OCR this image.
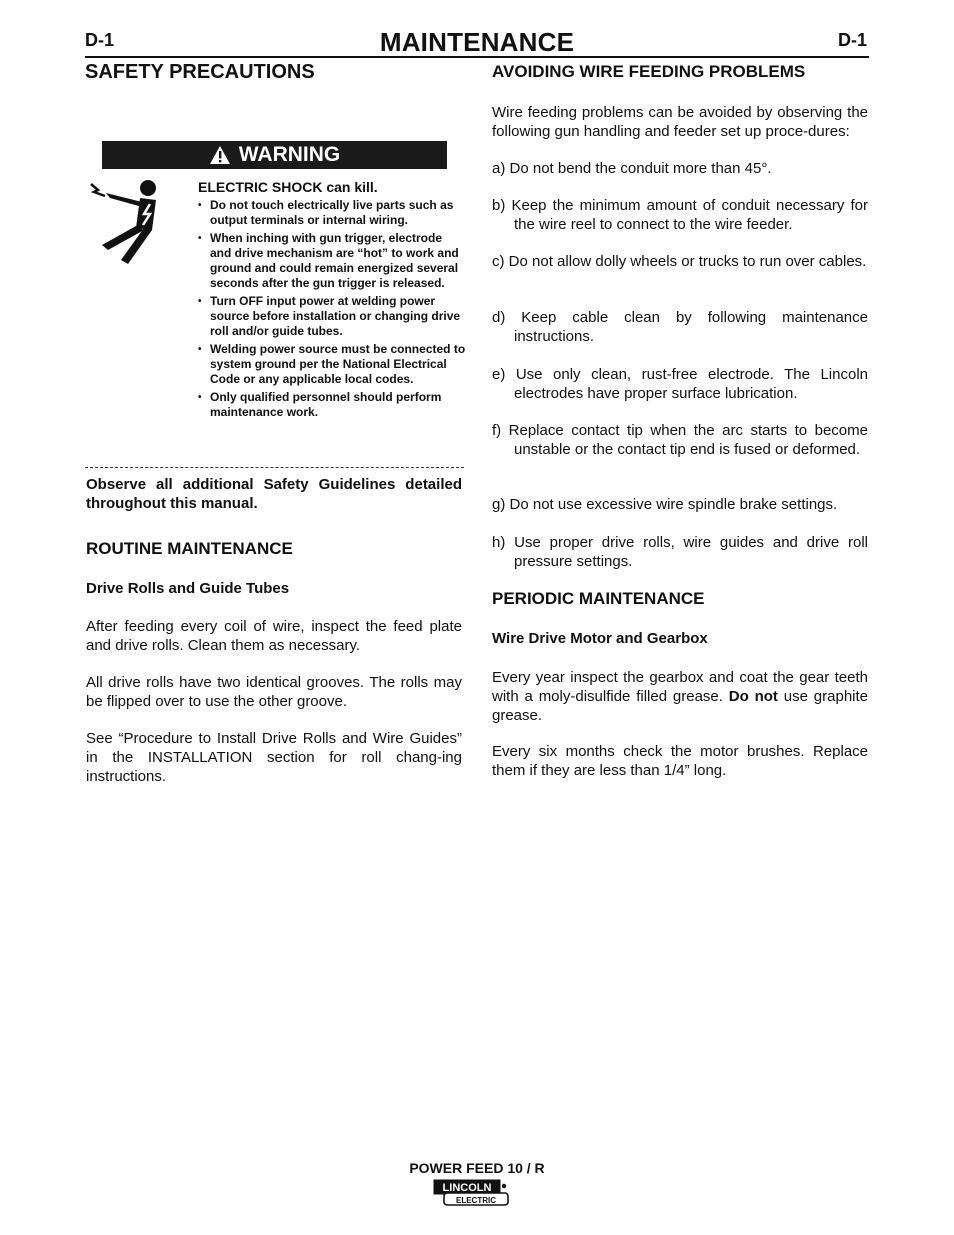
D-1	MAINTENANCE	D-1
SAFETY PRECAUTIONS
WARNING
ELECTRIC SHOCK can kill.
• Do not touch electrically live parts such as output terminals or internal wiring.
• When inching with gun trigger, electrode and drive mechanism are “hot” to work and ground and could remain energized several seconds after the gun trigger is released.
• Turn OFF input power at welding power source before installation or changing drive roll and/or guide tubes.
• Welding power source must be connected to system ground per the National Electrical Code or any applicable local codes.
• Only qualified personnel should perform maintenance work.
Observe all additional Safety Guidelines detailed throughout this manual.
ROUTINE MAINTENANCE
Drive Rolls and Guide Tubes
After feeding every coil of wire, inspect the feed plate and drive rolls. Clean them as necessary.
All drive rolls have two identical grooves. The rolls may be flipped over to use the other groove.
See “Procedure to Install Drive Rolls and Wire Guides” in the INSTALLATION section for roll chang-ing instructions.
AVOIDING WIRE FEEDING PROBLEMS
Wire feeding problems can be avoided by observing the following gun handling and feeder set up proce-dures:
a) Do not bend the conduit more than 45°.
b) Keep the minimum amount of conduit necessary for the wire reel to connect to the wire feeder.
c) Do not allow dolly wheels or trucks to run over cables.
d) Keep cable clean by following maintenance instructions.
e) Use only clean, rust-free electrode. The Lincoln electrodes have proper surface lubrication.
f) Replace contact tip when the arc starts to become unstable or the contact tip end is fused or deformed.
g) Do not use excessive wire spindle brake settings.
h) Use proper drive rolls, wire guides and drive roll pressure settings.
PERIODIC MAINTENANCE
Wire Drive Motor and Gearbox
Every year inspect the gearbox and coat the gear teeth with a moly-disulfide filled grease. Do not use graphite grease.
Every six months check the motor brushes. Replace them if they are less than 1/4” long.
POWER FEED 10 / R
LINCOLN
ELECTRIC
